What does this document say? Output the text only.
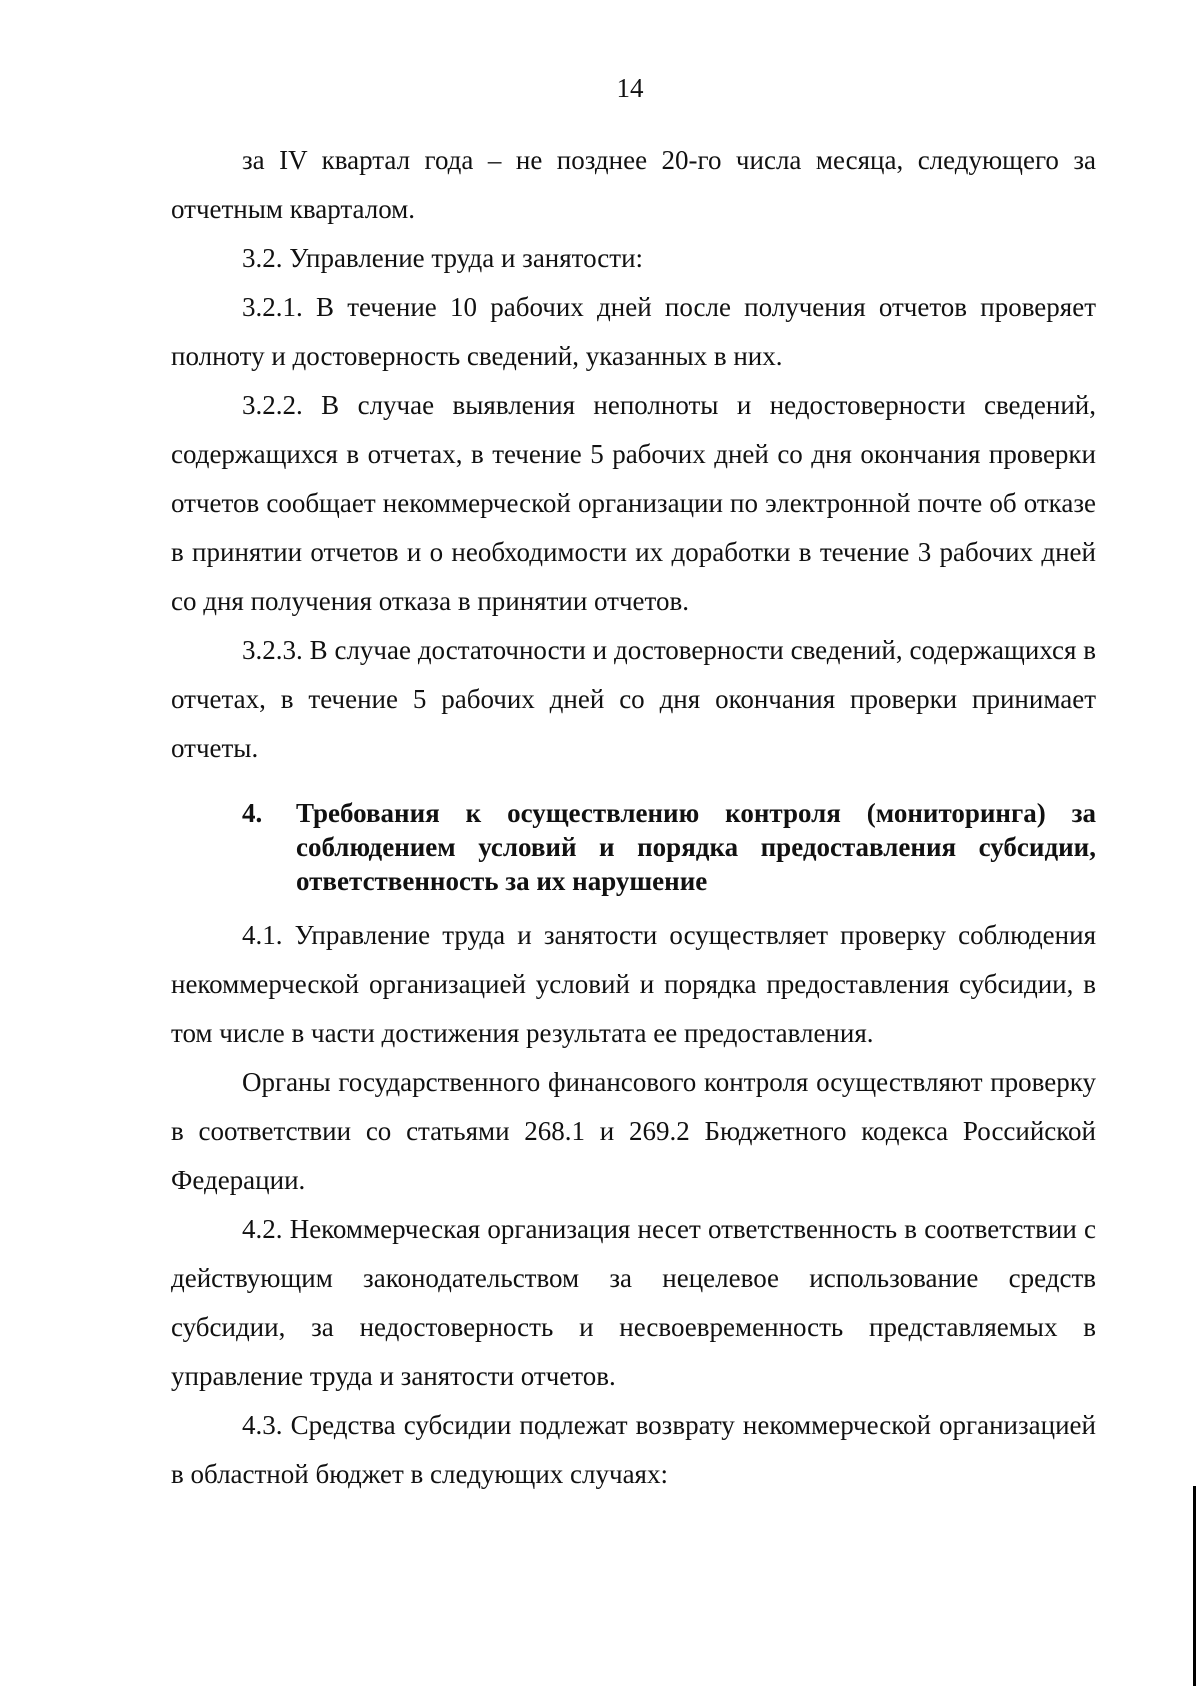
14

за IV квартал года – не позднее 20-го числа месяца, следующего за отчетным кварталом.

3.2. Управление труда и занятости:

3.2.1. В течение 10 рабочих дней после получения отчетов проверяет полноту и достоверность сведений, указанных в них.

3.2.2. В случае выявления неполноты и недостоверности сведений, содержащихся в отчетах, в течение 5 рабочих дней со дня окончания проверки отчетов сообщает некоммерческой организации по электронной почте об отказе в принятии отчетов и о необходимости их доработки в течение 3 рабочих дней со дня получения отказа в принятии отчетов.

3.2.3. В случае достаточности и достоверности сведений, содержащихся в отчетах, в течение 5 рабочих дней со дня окончания проверки принимает отчеты.

4. Требования к осуществлению контроля (мониторинга) за соблюдением условий и порядка предоставления субсидии, ответственность за их нарушение

4.1. Управление труда и занятости осуществляет проверку соблюдения некоммерческой организацией условий и порядка предоставления субсидии, в том числе в части достижения результата ее предоставления.

Органы государственного финансового контроля осуществляют проверку в соответствии со статьями 268.1 и 269.2 Бюджетного кодекса Российской Федерации.

4.2. Некоммерческая организация несет ответственность в соответствии с действующим законодательством за нецелевое использование средств субсидии, за недостоверность и несвоевременность представляемых в управление труда и занятости отчетов.

4.3. Средства субсидии подлежат возврату некоммерческой организацией в областной бюджет в следующих случаях:
